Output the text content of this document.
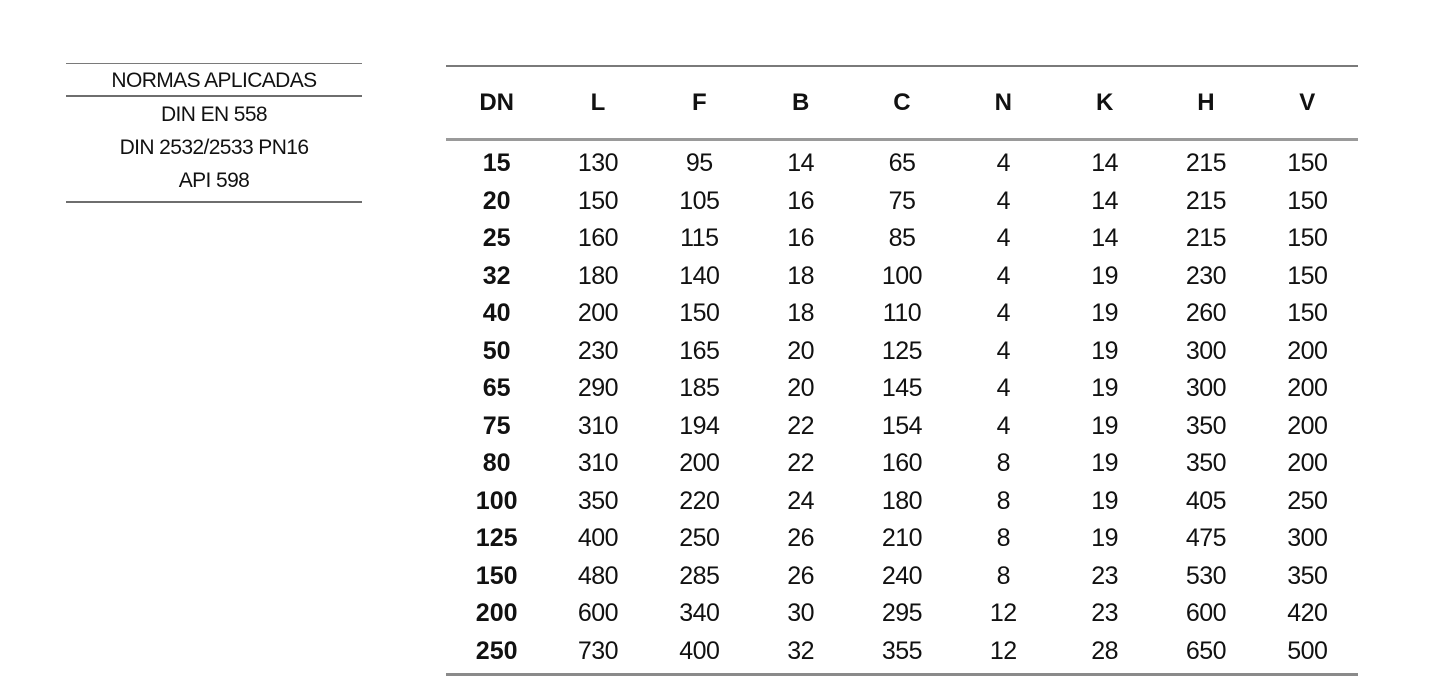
NORMAS APLICADAS
DIN EN 558
DIN 2532/2533 PN16
API 598
DN	L	F	B	C	N	K	H	V
15	130	95	14	65	4	14	215	150
20	150	105	16	75	4	14	215	150
25	160	115	16	85	4	14	215	150
32	180	140	18	100	4	19	230	150
40	200	150	18	110	4	19	260	150
50	230	165	20	125	4	19	300	200
65	290	185	20	145	4	19	300	200
75	310	194	22	154	4	19	350	200
80	310	200	22	160	8	19	350	200
100	350	220	24	180	8	19	405	250
125	400	250	26	210	8	19	475	300
150	480	285	26	240	8	23	530	350
200	600	340	30	295	12	23	600	420
250	730	400	32	355	12	28	650	500
